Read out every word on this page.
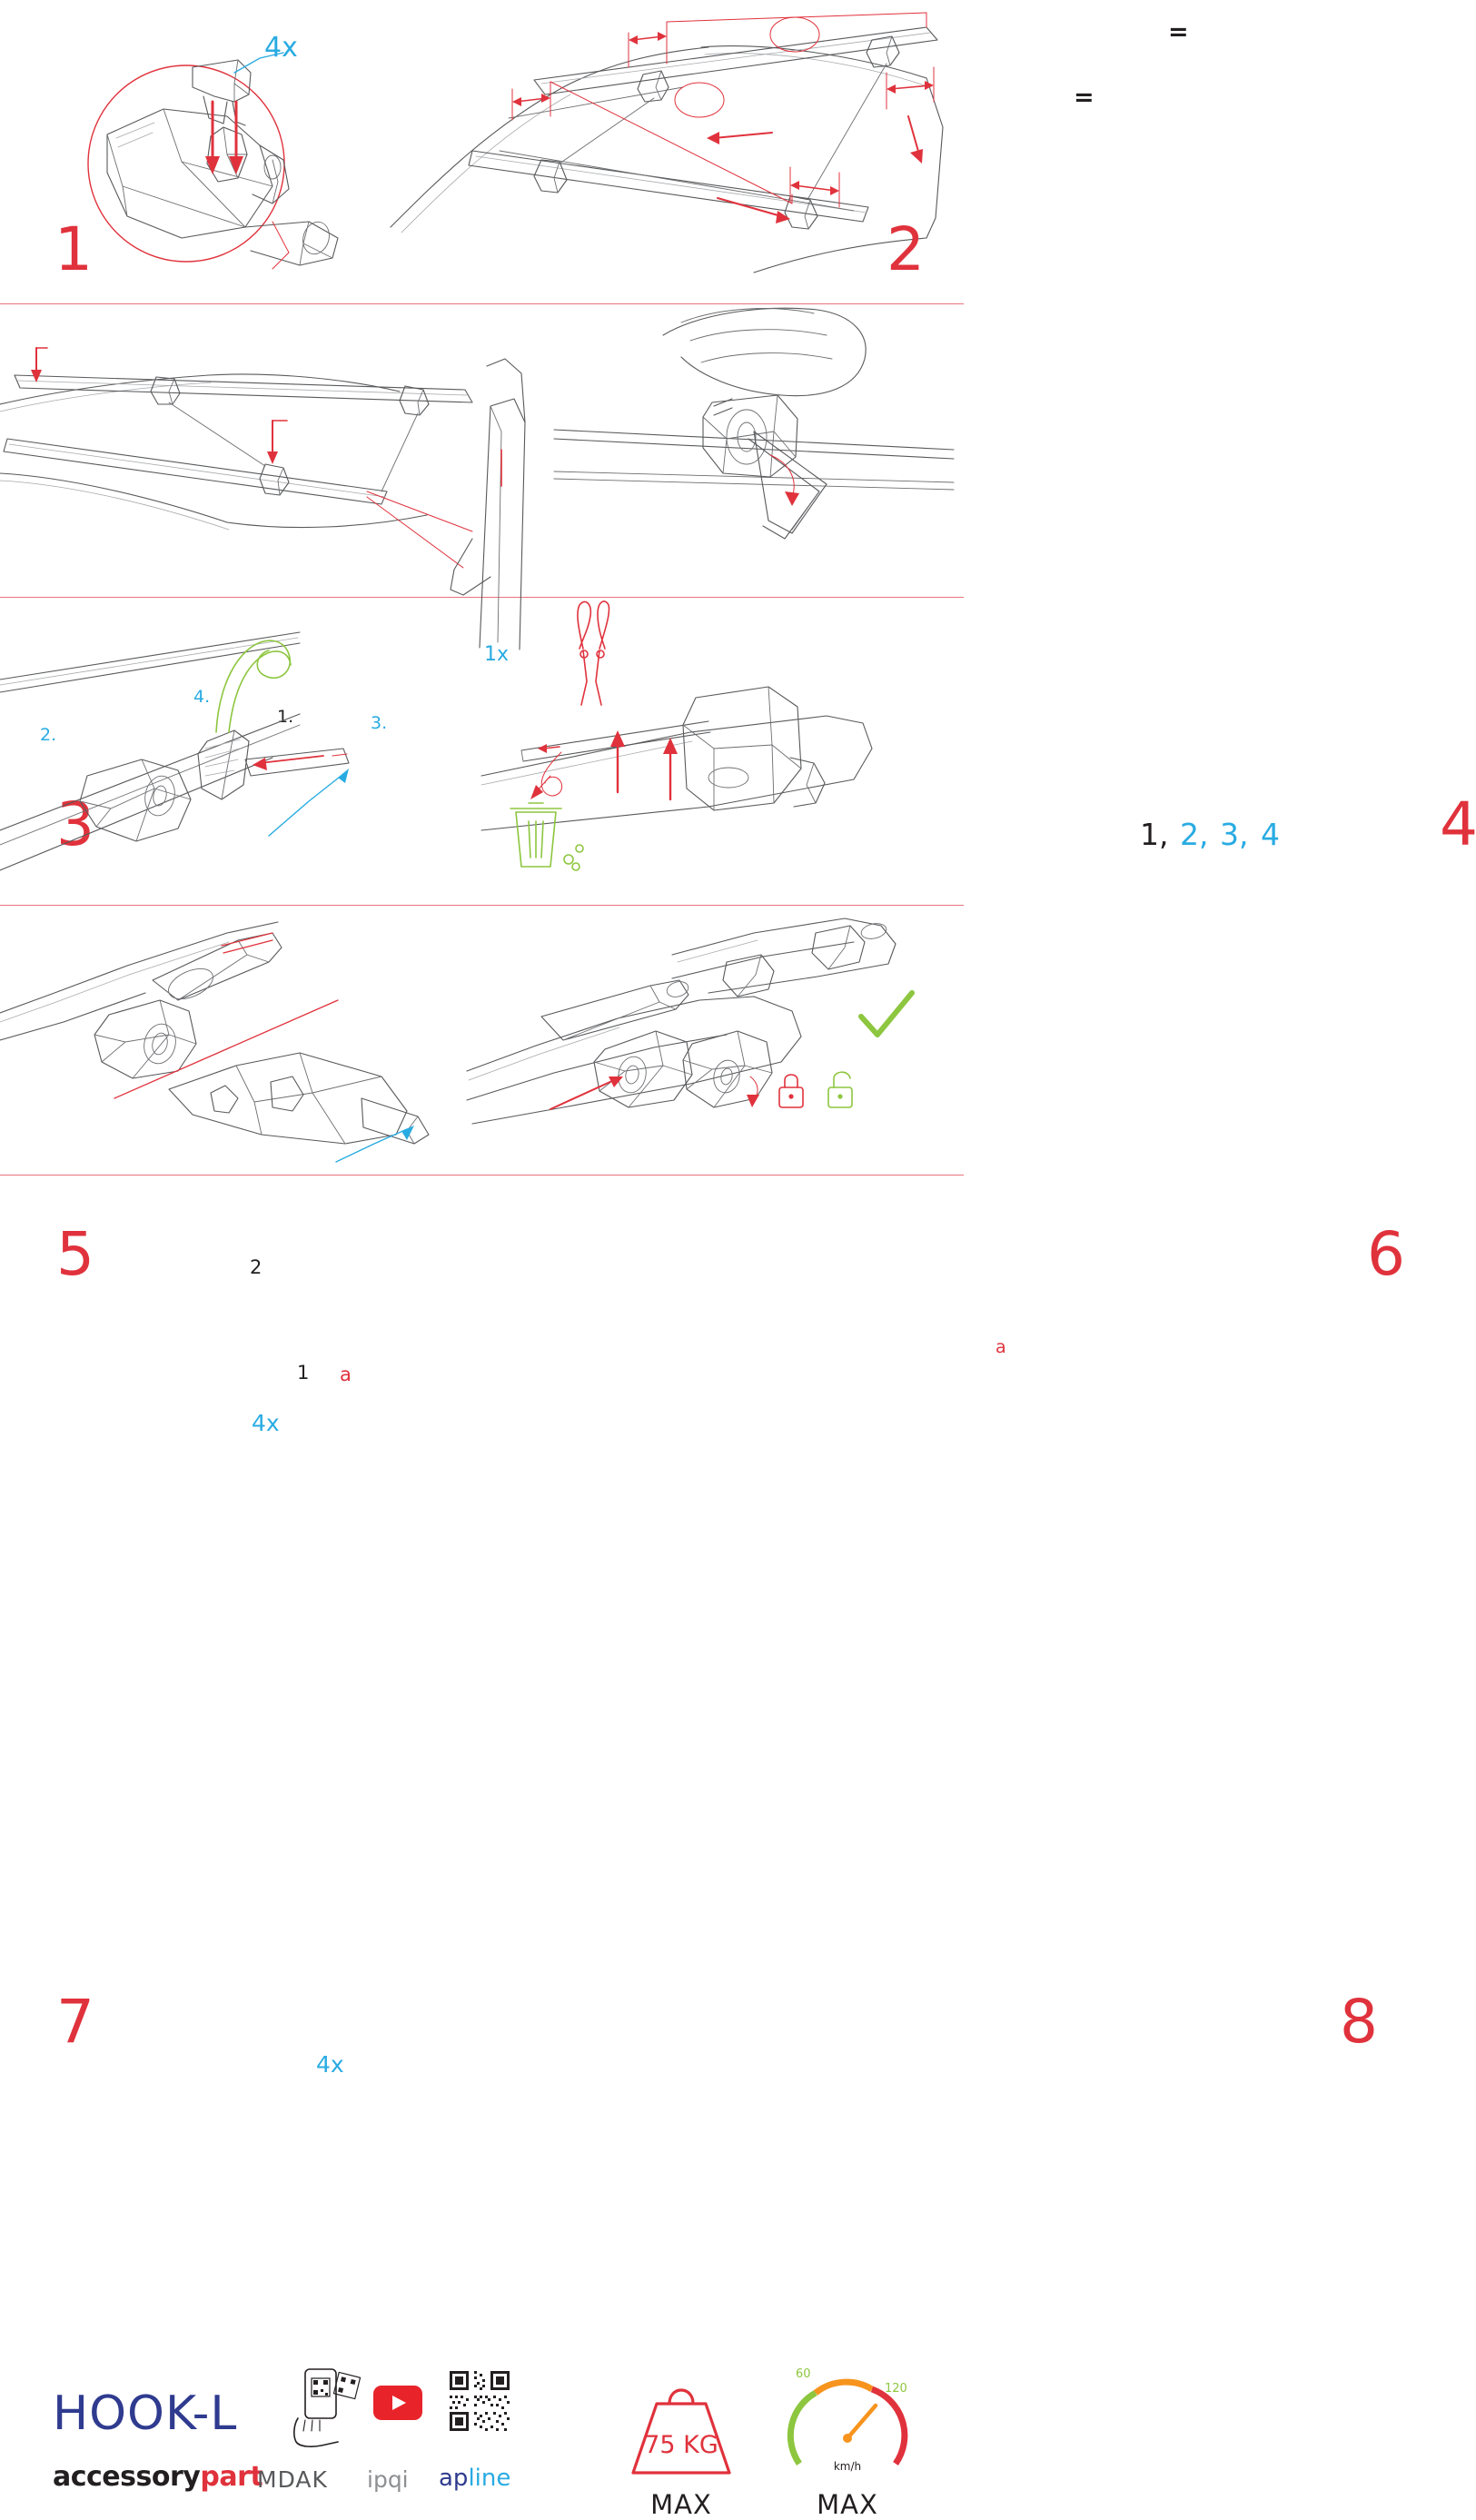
4x
1
=
=
2
1.
2.
3.
4.
1x
3	1, 2, 3, 4	4
1
2
a
4x
5
a
6
4x
7	8
HOOK-L
accessorypart
MDAK ipqi apline
75 KG
MAX
60
120
km/h
MAX
